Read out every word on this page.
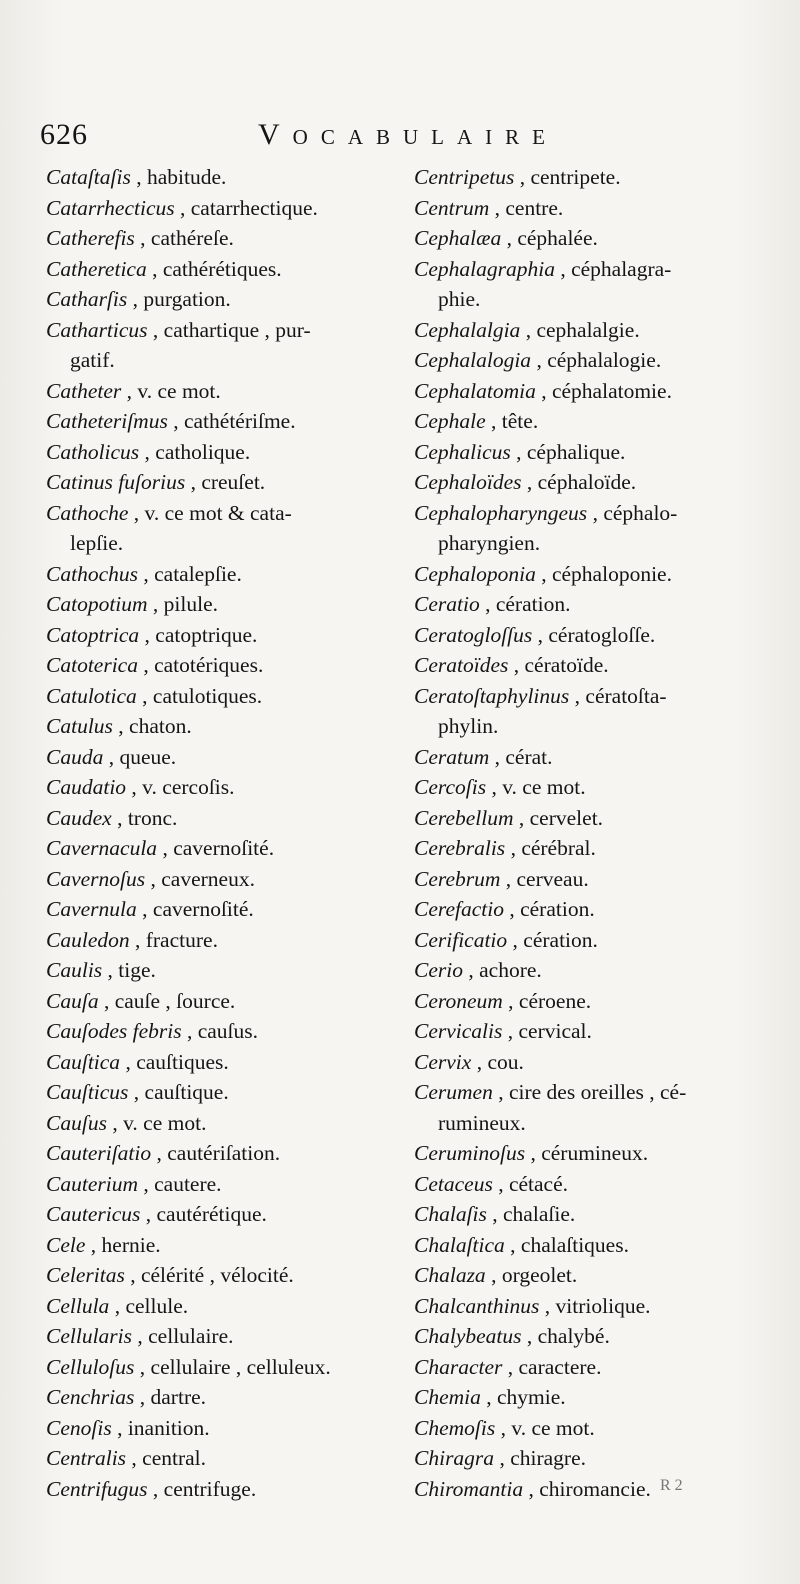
626	Vocabulaire
Cataſtaſis , habitude.
Catarrhecticus , catarrhectique.
Catherefis , cathéreſe.
Catheretica , cathérétiques.
Catharſis , purgation.
Catharticus , cathartique , pur-
gatif.
Catheter , v. ce mot.
Catheteriſmus , cathétériſme.
Catholicus , catholique.
Catinus fuſorius , creuſet.
Cathoche , v. ce mot & cata-
lepſie.
Cathochus , catalepſie.
Catopotium , pilule.
Catoptrica , catoptrique.
Catoterica , catotériques.
Catulotica , catulotiques.
Catulus , chaton.
Cauda , queue.
Caudatio , v. cercoſis.
Caudex , tronc.
Cavernacula , cavernoſité.
Cavernoſus , caverneux.
Cavernula , cavernoſité.
Cauledon , fracture.
Caulis , tige.
Cauſa , cauſe , ſource.
Cauſodes febris , cauſus.
Cauſtica , cauſtiques.
Cauſticus , cauſtique.
Cauſus , v. ce mot.
Cauteriſatio , cautériſation.
Cauterium , cautere.
Cautericus , cautérétique.
Cele , hernie.
Celeritas , célérité , vélocité.
Cellula , cellule.
Cellularis , cellulaire.
Celluloſus , cellulaire , celluleux.
Cenchrias , dartre.
Cenoſis , inanition.
Centralis , central.
Centrifugus , centrifuge.
Centripetus , centripete.
Centrum , centre.
Cephalæa , céphalée.
Cephalagraphia , céphalagra-
phie.
Cephalalgia , cephalalgie.
Cephalalogia , céphalalogie.
Cephalatomia , céphalatomie.
Cephale , tête.
Cephalicus , céphalique.
Cephaloïdes , céphaloïde.
Cephalopharyngeus , céphalo-
pharyngien.
Cephaloponia , céphaloponie.
Ceratio , cération.
Ceratogloſſus , cératogloſſe.
Ceratoïdes , cératoïde.
Ceratoſtaphylinus , cératoſta-
phylin.
Ceratum , cérat.
Cercoſis , v. ce mot.
Cerebellum , cervelet.
Cerebralis , cérébral.
Cerebrum , cerveau.
Cerefactio , cération.
Cerificatio , cération.
Cerio , achore.
Ceroneum , céroene.
Cervicalis , cervical.
Cervix , cou.
Cerumen , cire des oreilles , cé-
rumineux.
Ceruminoſus , cérumineux.
Cetaceus , cétacé.
Chalaſis , chalaſie.
Chalaſtica , chalaſtiques.
Chalaza , orgeolet.
Chalcanthinus , vitriolique.
Chalybeatus , chalybé.
Character , caractere.
Chemia , chymie.
Chemoſis , v. ce mot.
Chiragra , chiragre.
Chiromantia , chiromancie. R 2
